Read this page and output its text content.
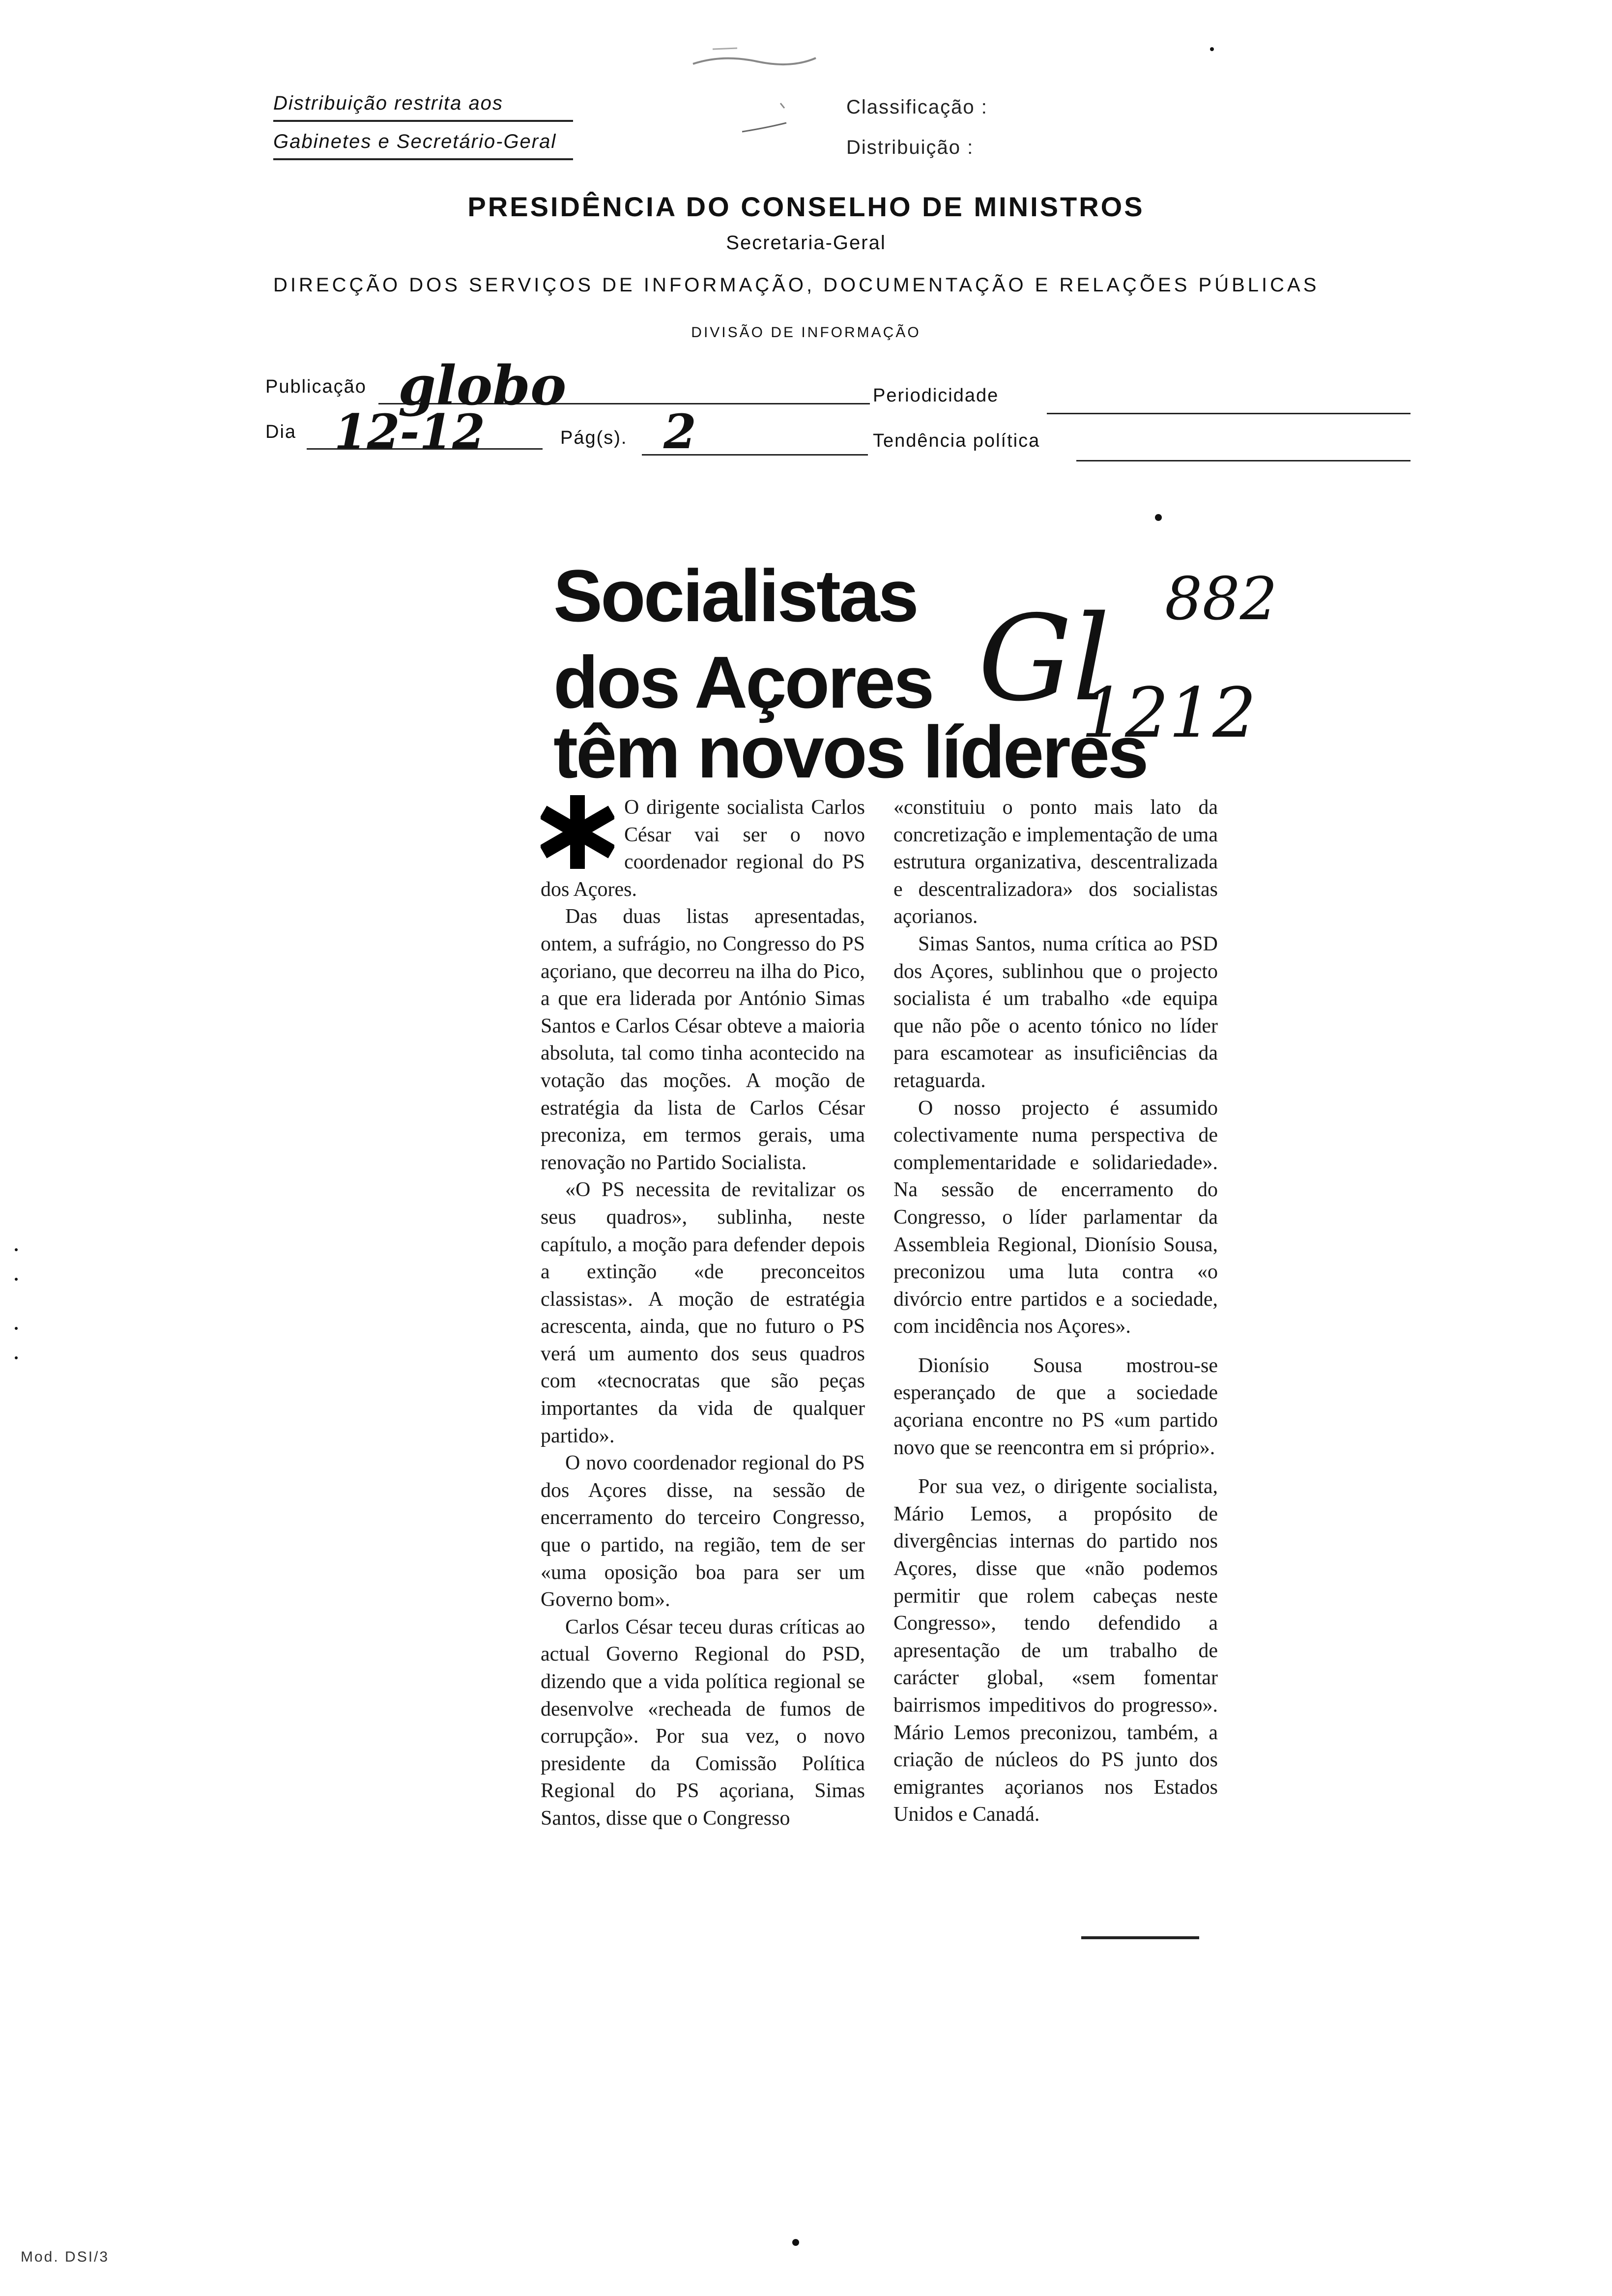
Distribuição restrita aos
Gabinetes e Secretário-Geral
Classificação :
Distribuição :
PRESIDÊNCIA DO CONSELHO DE MINISTROS
Secretaria-Geral
DIRECÇÃO DOS SERVIÇOS DE INFORMAÇÃO, DOCUMENTAÇÃO E RELAÇÕES PÚBLICAS
DIVISÃO DE INFORMAÇÃO
Publicação globo	Periodicidade
Dia 12-12	Pág(s). 2	Tendência política
Socialistas
dos Açores
têm novos líderes
Gl 882
1212

O dirigente socialista Carlos César vai ser o novo coordenador regional do PS dos Açores.

Das duas listas apresentadas, ontem, a sufrágio, no Congresso do PS açoriano, que decorreu na ilha do Pico, a que era liderada por António Simas Santos e Carlos César obteve a maioria absoluta, tal como tinha acontecido na votação das moções. A moção de estratégia da lista de Carlos César preconiza, em termos gerais, uma renovação no Partido Socialista.

«O PS necessita de revitalizar os seus quadros», sublinha, neste capítulo, a moção para defender depois a extinção «de preconceitos classistas». A moção de estratégia acrescenta, ainda, que no futuro o PS verá um aumento dos seus quadros com «tecnocratas que são peças importantes da vida de qualquer partido».

O novo coordenador regional do PS dos Açores disse, na sessão de encerramento do terceiro Congresso, que o partido, na região, tem de ser «uma oposição boa para ser um Governo bom».

Carlos César teceu duras críticas ao actual Governo Regional do PSD, dizendo que a vida política regional se desenvolve «recheada de fumos de corrupção». Por sua vez, o novo presidente da Comissão Política Regional do PS açoriana, Simas Santos, disse que o Congresso

«constituiu o ponto mais lato da concretização e implementação de uma estrutura organizativa, descentralizada e descentralizadora» dos socialistas açorianos.

Simas Santos, numa crítica ao PSD dos Açores, sublinhou que o projecto socialista é um trabalho «de equipa que não põe o acento tónico no líder para escamotear as insuficiências da retaguarda.

O nosso projecto é assumido colectivamente numa perspectiva de complementaridade e solidariedade». Na sessão de encerramento do Congresso, o líder parlamentar da Assembleia Regional, Dionísio Sousa, preconizou uma luta contra «o divórcio entre partidos e a sociedade, com incidência nos Açores».

Dionísio Sousa mostrou-se esperançado de que a sociedade açoriana encontre no PS «um partido novo que se reencontra em si próprio».

Por sua vez, o dirigente socialista, Mário Lemos, a propósito de divergências internas do partido nos Açores, disse que «não podemos permitir que rolem cabeças neste Congresso», tendo defendido a apresentação de um trabalho de carácter global, «sem fomentar bairrismos impeditivos do progresso». Mário Lemos preconizou, também, a criação de núcleos do PS junto dos emigrantes açorianos nos Estados Unidos e Canadá.

Mod. DSI/3
